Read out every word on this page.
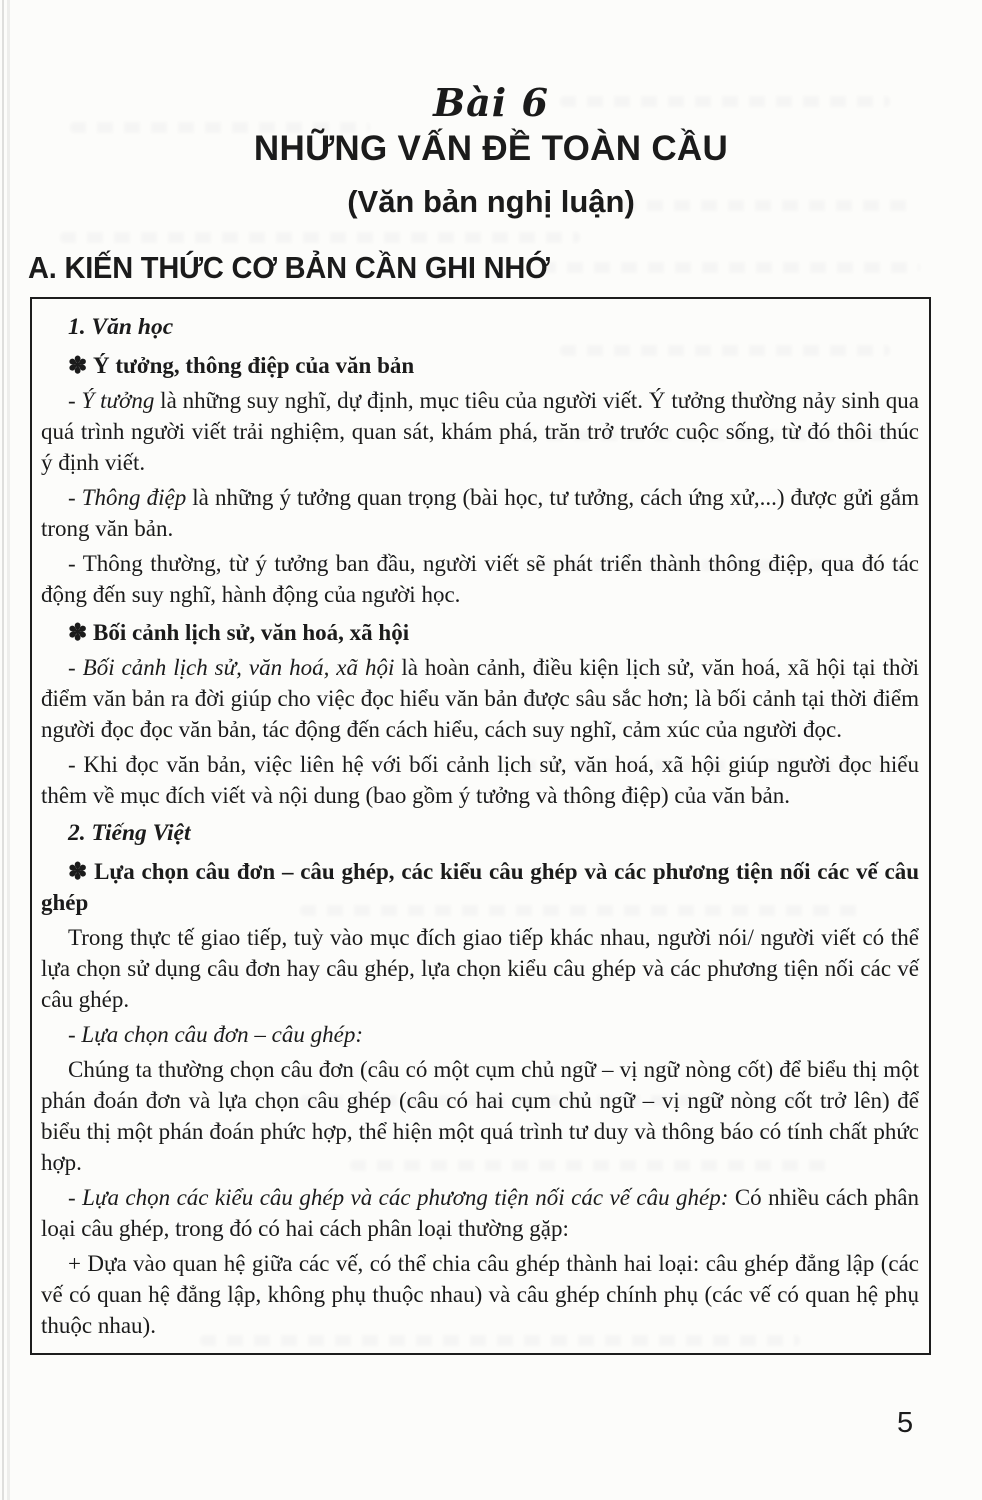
Bài 6
NHỮNG VẤN ĐỀ TOÀN CẦU
(Văn bản nghị luận)
A. KIẾN THỨC CƠ BẢN CẦN GHI NHỚ

1. Văn học

✽ Ý tưởng, thông điệp của văn bản

- Ý tưởng là những suy nghĩ, dự định, mục tiêu của người viết. Ý tưởng thường nảy sinh qua quá trình người viết trải nghiệm, quan sát, khám phá, trăn trở trước cuộc sống, từ đó thôi thúc ý định viết.

- Thông điệp là những ý tưởng quan trọng (bài học, tư tưởng, cách ứng xử,...) được gửi gắm trong văn bản.

- Thông thường, từ ý tưởng ban đầu, người viết sẽ phát triển thành thông điệp, qua đó tác động đến suy nghĩ, hành động của người học.

✽ Bối cảnh lịch sử, văn hoá, xã hội

- Bối cảnh lịch sử, văn hoá, xã hội là hoàn cảnh, điều kiện lịch sử, văn hoá, xã hội tại thời điểm văn bản ra đời giúp cho việc đọc hiểu văn bản được sâu sắc hơn; là bối cảnh tại thời điểm người đọc đọc văn bản, tác động đến cách hiểu, cách suy nghĩ, cảm xúc của người đọc.

- Khi đọc văn bản, việc liên hệ với bối cảnh lịch sử, văn hoá, xã hội giúp người đọc hiểu thêm về mục đích viết và nội dung (bao gồm ý tưởng và thông điệp) của văn bản.

2. Tiếng Việt

✽ Lựa chọn câu đơn – câu ghép, các kiểu câu ghép và các phương tiện nối các vế câu ghép

Trong thực tế giao tiếp, tuỳ vào mục đích giao tiếp khác nhau, người nói/ người viết có thể lựa chọn sử dụng câu đơn hay câu ghép, lựa chọn kiểu câu ghép và các phương tiện nối các vế câu ghép.

- Lựa chọn câu đơn – câu ghép:

Chúng ta thường chọn câu đơn (câu có một cụm chủ ngữ – vị ngữ nòng cốt) để biểu thị một phán đoán đơn và lựa chọn câu ghép (câu có hai cụm chủ ngữ – vị ngữ nòng cốt trở lên) để biểu thị một phán đoán phức hợp, thể hiện một quá trình tư duy và thông báo có tính chất phức hợp.

- Lựa chọn các kiểu câu ghép và các phương tiện nối các vế câu ghép: Có nhiều cách phân loại câu ghép, trong đó có hai cách phân loại thường gặp:

+ Dựa vào quan hệ giữa các vế, có thể chia câu ghép thành hai loại: câu ghép đẳng lập (các vế có quan hệ đẳng lập, không phụ thuộc nhau) và câu ghép chính phụ (các vế có quan hệ phụ thuộc nhau).

5
